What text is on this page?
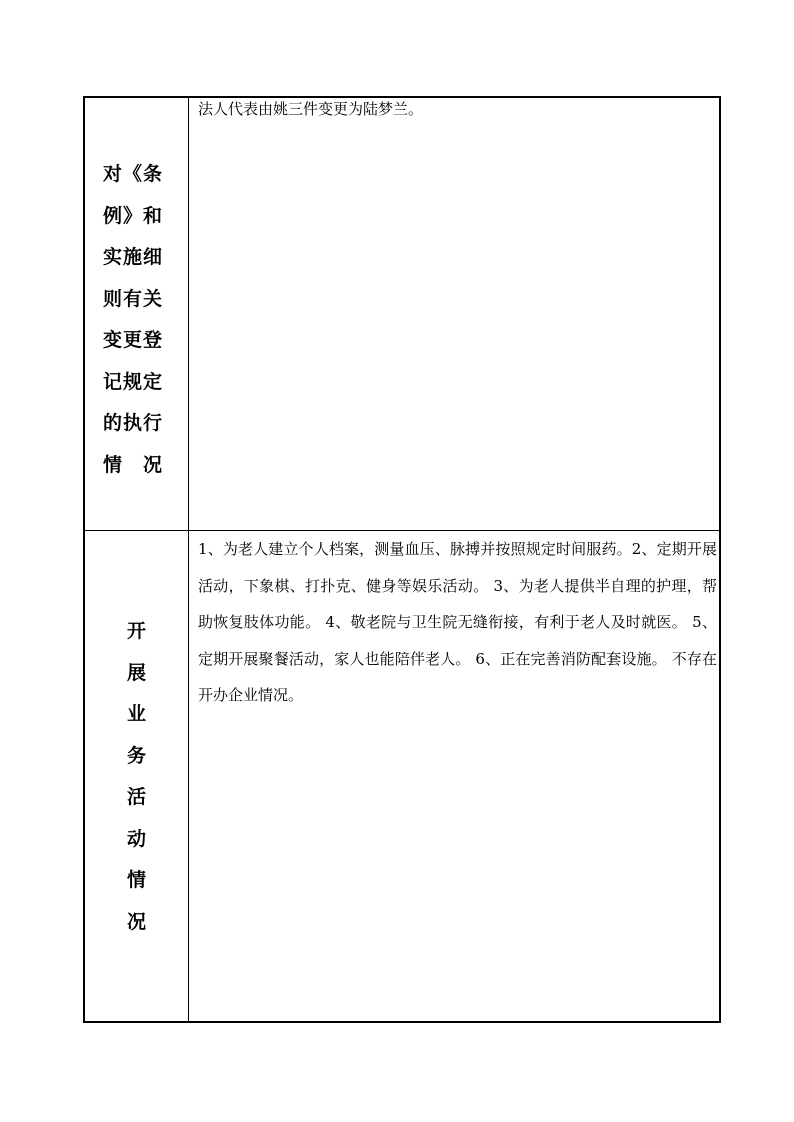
对《条例》和实施细则有关变更登记规定的执行情　况
法人代表由姚三件变更为陆梦兰。
开
展
业
务
活
动
情
况
1、为老人建立个人档案，测量血压、脉搏并按照规定时间服药。2、定期开展活动，下象棋、打扑克、健身等娱乐活动。 3、为老人提供半自理的护理，帮助恢复肢体功能。 4、敬老院与卫生院无缝衔接，有利于老人及时就医。 5、定期开展聚餐活动，家人也能陪伴老人。 6、正在完善消防配套设施。 不存在开办企业情况。
